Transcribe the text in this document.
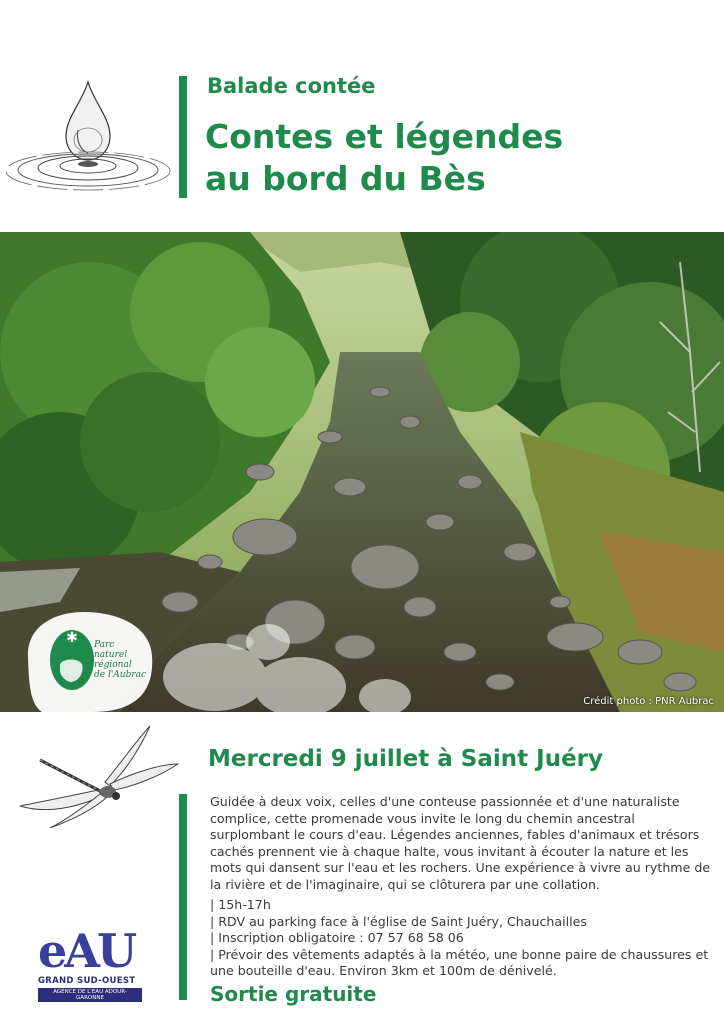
Balade contée
Contes et légendes
au bord du Bès
Crédit photo : PNR Aubrac
✱ Parc
naturel
régional
de l'Aubrac
Mercredi 9 juillet à Saint Juéry
Guidée à deux voix, celles d'une conteuse passionnée et d'une naturaliste complice, cette promenade vous invite le long du chemin ancestral surplombant le cours d'eau. Légendes anciennes, fables d'animaux et trésors cachés prennent vie à chaque halte, vous invitant à écouter la nature et les mots qui dansent sur l'eau et les rochers. Une expérience à vivre au rythme de la rivière et de l'imaginaire, qui se clôturera par une collation.
| 15h-17h
| RDV au parking face à l'église de Saint Juéry, Chauchailles
| Inscription obligatoire : 07 57 68 58 06
| Prévoir des vêtements adaptés à la météo, une bonne paire de chaussures et une bouteille d'eau. Environ 3km et 100m de dénivelé.
Sortie gratuite
eAU
GRAND SUD-OUEST
AGENCE DE L'EAU ADOUR-GARONNE
